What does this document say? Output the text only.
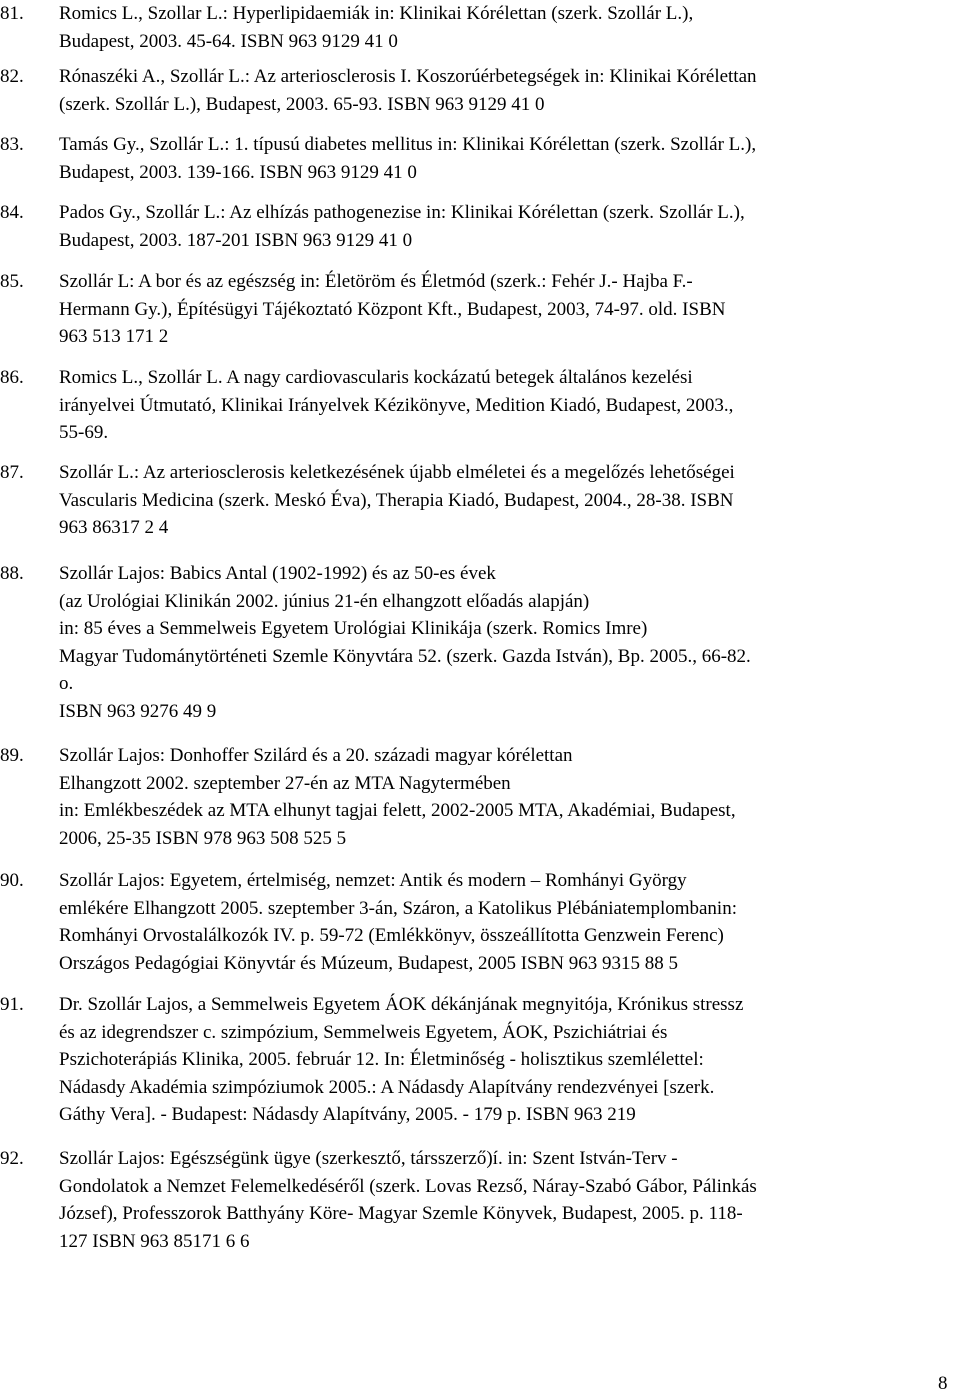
81. Romics L., Szollar L.: Hyperlipidaemiák in: Klinikai Kórélettan (szerk. Szollár L.),
Budapest, 2003. 45-64. ISBN 963 9129 41 0
82. Rónaszéki A., Szollár L.: Az arteriosclerosis I. Koszorúérbetegségek in: Klinikai Kórélettan
(szerk. Szollár L.), Budapest, 2003. 65-93. ISBN 963 9129 41 0
83. Tamás Gy., Szollár L.: 1. típusú diabetes mellitus in: Klinikai Kórélettan (szerk. Szollár L.),
Budapest, 2003. 139-166. ISBN 963 9129 41 0
84. Pados Gy., Szollár L.: Az elhízás pathogenezise in: Klinikai Kórélettan (szerk. Szollár L.),
Budapest, 2003. 187-201 ISBN 963 9129 41 0
85. Szollár L: A bor és az egészség in: Életöröm és Életmód (szerk.: Fehér J.- Hajba F.-
Hermann Gy.), Építésügyi Tájékoztató Központ Kft., Budapest, 2003, 74-97. old. ISBN
963 513 171 2
86. Romics L., Szollár L. A nagy cardiovascularis kockázatú betegek általános kezelési
irányelvei Útmutató, Klinikai Irányelvek Kézikönyve, Medition Kiadó, Budapest, 2003.,
55-69.
87. Szollár L.: Az arteriosclerosis keletkezésének újabb elméletei és a megelőzés lehetőségei
Vascularis Medicina (szerk. Meskó Éva), Therapia Kiadó, Budapest, 2004., 28-38. ISBN
963 86317 2 4
88. Szollár Lajos: Babics Antal (1902-1992) és az 50-es évek
(az Urológiai Klinikán 2002. június 21-én elhangzott előadás alapján)
in: 85 éves a Semmelweis Egyetem Urológiai Klinikája (szerk. Romics Imre)
Magyar Tudománytörténeti Szemle Könyvtára 52. (szerk. Gazda István), Bp. 2005., 66-82.
o.
ISBN 963 9276 49 9
89. Szollár Lajos: Donhoffer Szilárd és a 20. századi magyar kórélettan
Elhangzott 2002. szeptember 27-én az MTA Nagytermében
in: Emlékbeszédek az MTA elhunyt tagjai felett, 2002-2005 MTA, Akadémiai, Budapest,
2006, 25-35 ISBN 978 963 508 525 5
90. Szollár Lajos: Egyetem, értelmiség, nemzet: Antik és modern – Romhányi György
emlékére Elhangzott 2005. szeptember 3-án, Száron, a Katolikus Plébániatemplombanin:
Romhányi Orvostalálkozók IV. p. 59-72 (Emlékkönyv, összeállította Genzwein Ferenc)
Országos Pedagógiai Könyvtár és Múzeum, Budapest, 2005 ISBN 963 9315 88 5
91. Dr. Szollár Lajos, a Semmelweis Egyetem ÁOK dékánjának megnyitója, Krónikus stressz
és az idegrendszer c. szimpózium, Semmelweis Egyetem, ÁOK, Pszichiátriai és
Pszichoterápiás Klinika, 2005. február 12. In: Életminőség - holisztikus szemlélettel:
Nádasdy Akadémia szimpóziumok 2005.: A Nádasdy Alapítvány rendezvényei [szerk.
Gáthy Vera]. - Budapest: Nádasdy Alapítvány, 2005. - 179 p. ISBN 963 219
92. Szollár Lajos: Egészségünk ügye (szerkesztő, társszerző)í. in: Szent István-Terv -
Gondolatok a Nemzet Felemelkedéséről (szerk. Lovas Rezső, Náray-Szabó Gábor, Pálinkás
József), Professzorok Batthyány Köre- Magyar Szemle Könyvek, Budapest, 2005. p. 118-
127 ISBN 963 85171 6 6
8
